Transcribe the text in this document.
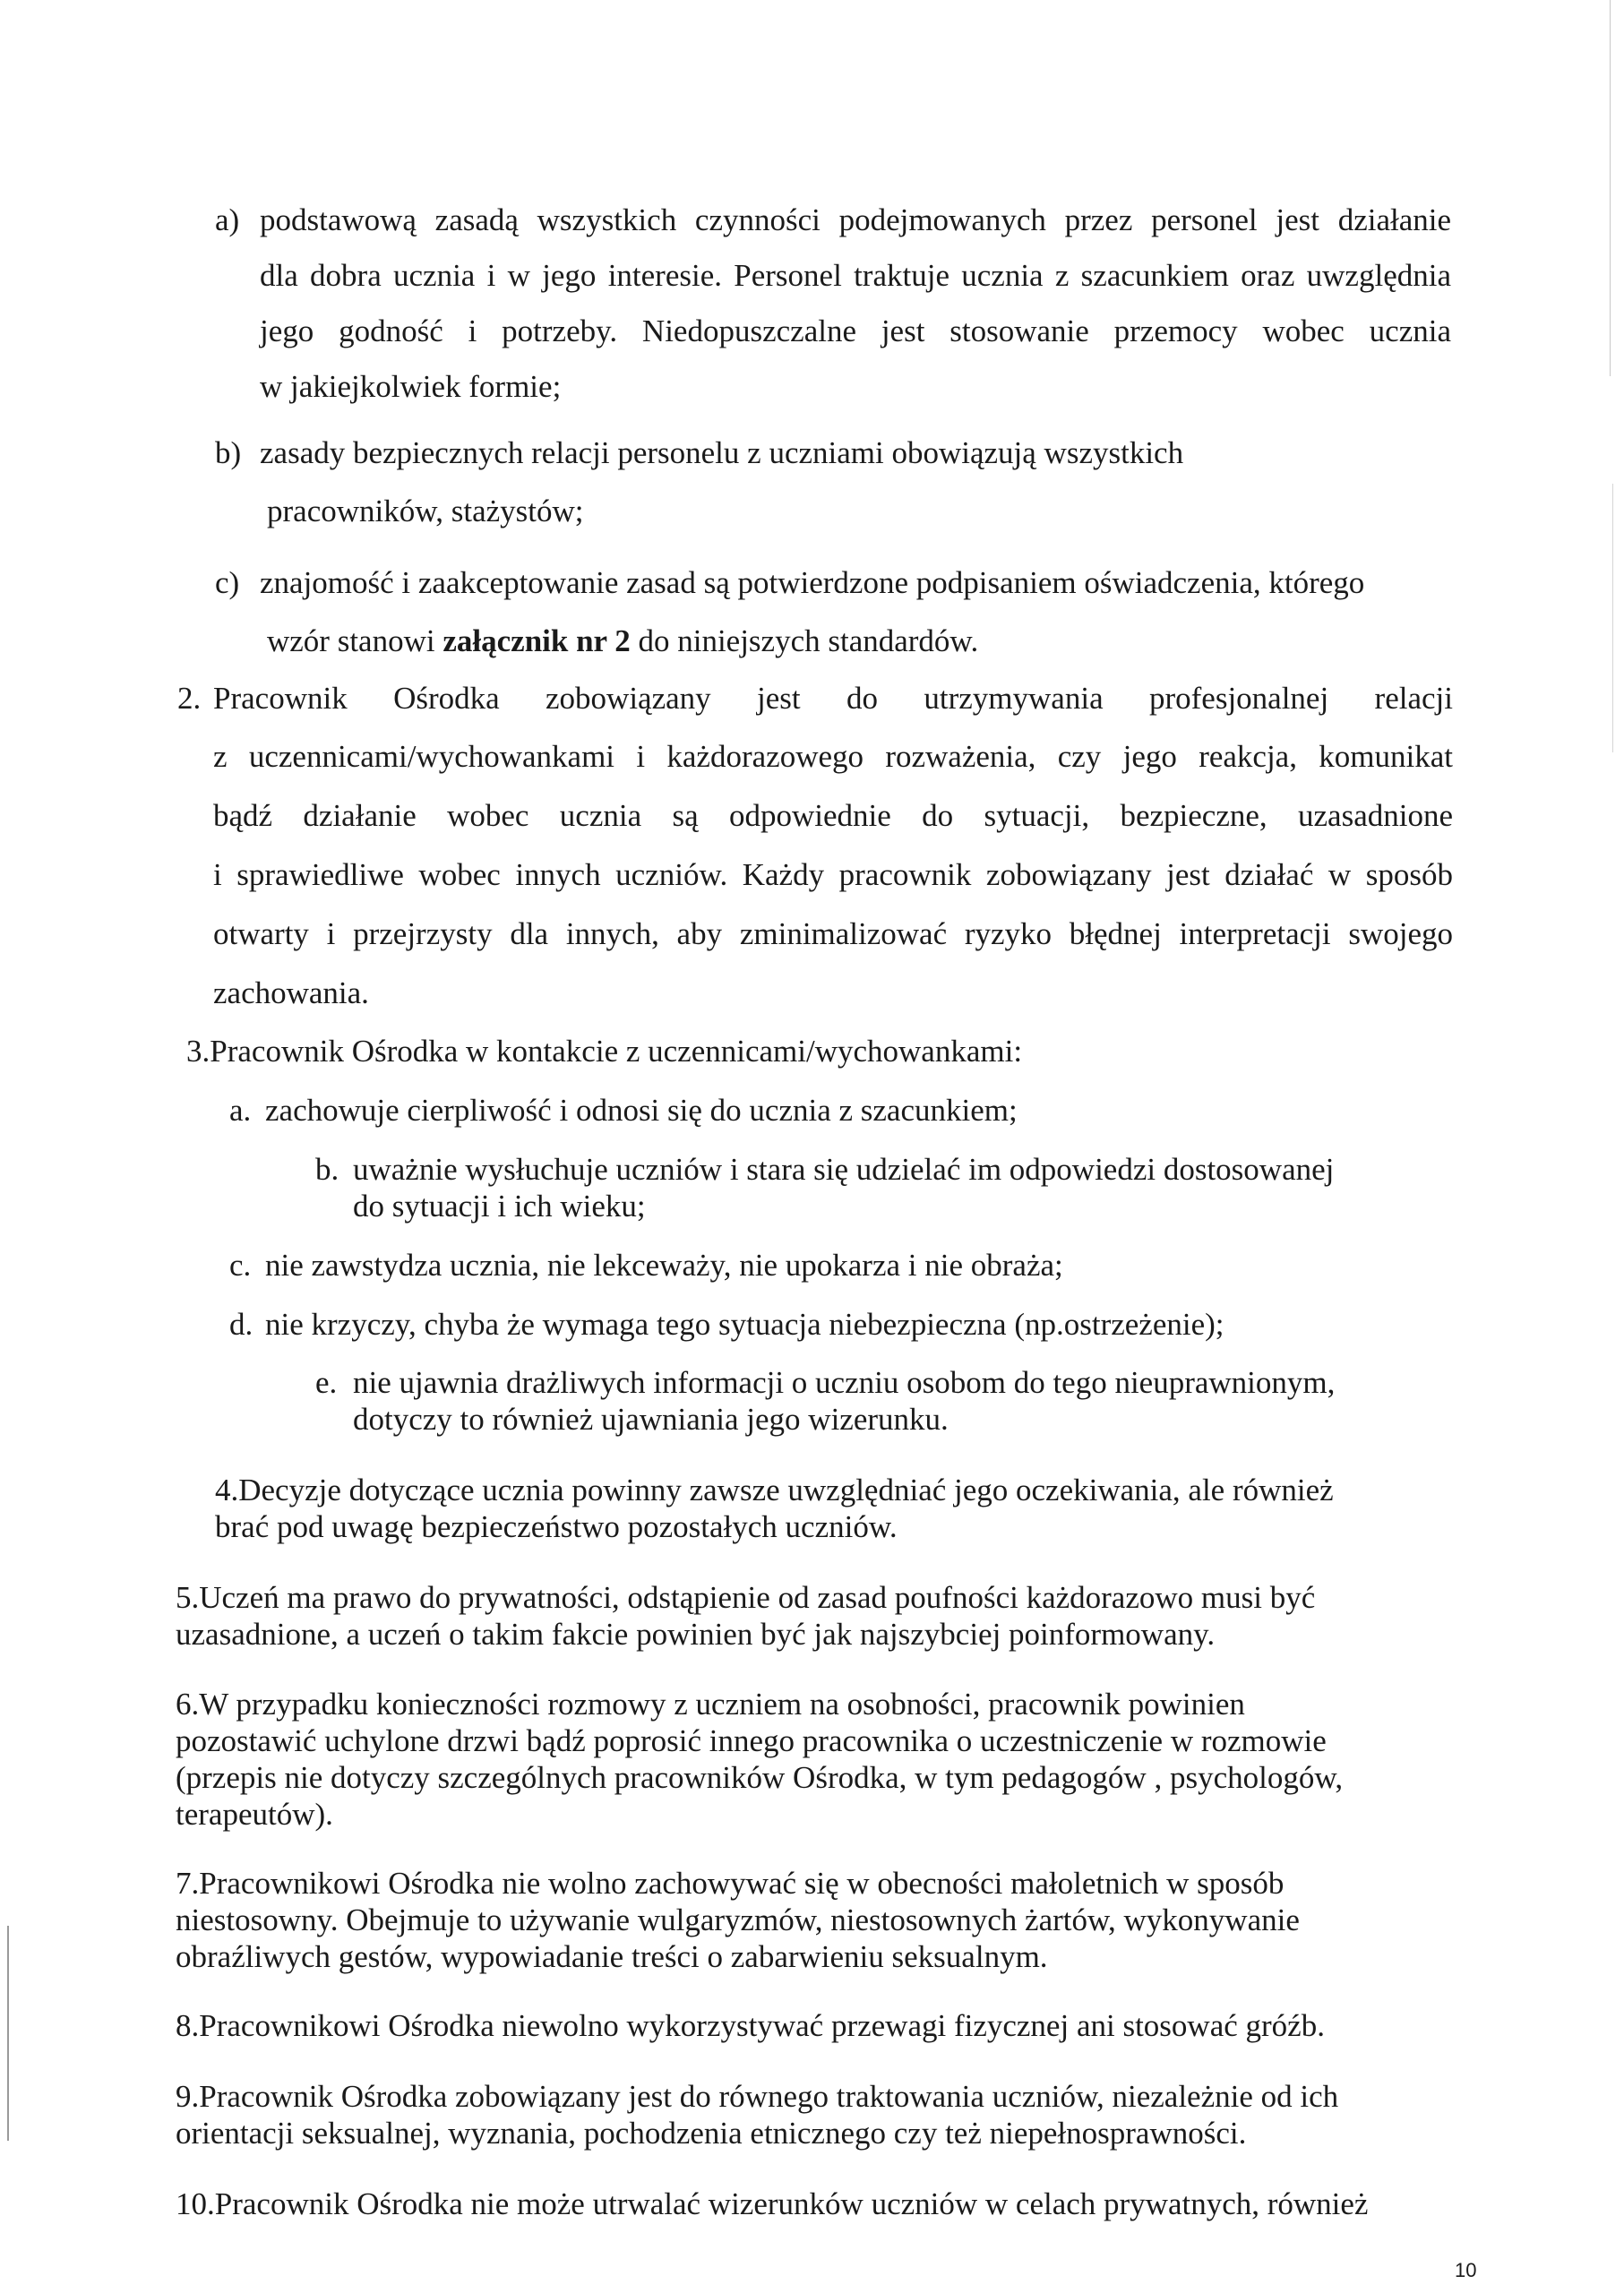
a) podstawową zasadą wszystkich czynności podejmowanych przez personel jest działanie
dla dobra ucznia i w jego interesie. Personel traktuje ucznia z szacunkiem oraz uwzględnia
jego godność i potrzeby. Niedopuszczalne jest stosowanie przemocy wobec ucznia
w jakiejkolwiek formie;
b) zasady bezpiecznych relacji personelu z uczniami obowiązują wszystkich
pracowników, stażystów;
c) znajomość i zaakceptowanie zasad są potwierdzone podpisaniem oświadczenia, którego
wzór stanowi załącznik nr 2 do niniejszych standardów.
2. Pracownik Ośrodka zobowiązany jest do utrzymywania profesjonalnej relacji
z uczennicami/wychowankami i każdorazowego rozważenia, czy jego reakcja, komunikat
bądź działanie wobec ucznia są odpowiednie do sytuacji, bezpieczne, uzasadnione
i sprawiedliwe wobec innych uczniów. Każdy pracownik zobowiązany jest działać w sposób
otwarty i przejrzysty dla innych, aby zminimalizować ryzyko błędnej interpretacji swojego
zachowania.
3.Pracownik Ośrodka w kontakcie z uczennicami/wychowankami:
a. zachowuje cierpliwość i odnosi się do ucznia z szacunkiem;
b. uważnie wysłuchuje uczniów i stara się udzielać im odpowiedzi dostosowanej
do sytuacji i ich wieku;
c. nie zawstydza ucznia, nie lekceważy, nie upokarza i nie obraża;
d. nie krzyczy, chyba że wymaga tego sytuacja niebezpieczna (np.ostrzeżenie);
e. nie ujawnia drażliwych informacji o uczniu osobom do tego nieuprawnionym,
dotyczy to również ujawniania jego wizerunku.
4.Decyzje dotyczące ucznia powinny zawsze uwzględniać jego oczekiwania, ale również
brać pod uwagę bezpieczeństwo pozostałych uczniów.
5.Uczeń ma prawo do prywatności, odstąpienie od zasad poufności każdorazowo musi być
uzasadnione, a uczeń o takim fakcie powinien być jak najszybciej poinformowany.
6.W przypadku konieczności rozmowy z uczniem na osobności, pracownik powinien
pozostawić uchylone drzwi bądź poprosić innego pracownika o uczestniczenie w rozmowie
(przepis nie dotyczy szczególnych pracowników Ośrodka, w tym pedagogów , psychologów,
terapeutów).
7.Pracownikowi Ośrodka nie wolno zachowywać się w obecności małoletnich w sposób
niestosowny. Obejmuje to używanie wulgaryzmów, niestosownych żartów, wykonywanie
obraźliwych gestów, wypowiadanie treści o zabarwieniu seksualnym.
8.Pracownikowi Ośrodka niewolno wykorzystywać przewagi fizycznej ani stosować gróźb.
9.Pracownik Ośrodka zobowiązany jest do równego traktowania uczniów, niezależnie od ich
orientacji seksualnej, wyznania, pochodzenia etnicznego czy też niepełnosprawności.
10.Pracownik Ośrodka nie może utrwalać wizerunków uczniów w celach prywatnych, również
10
